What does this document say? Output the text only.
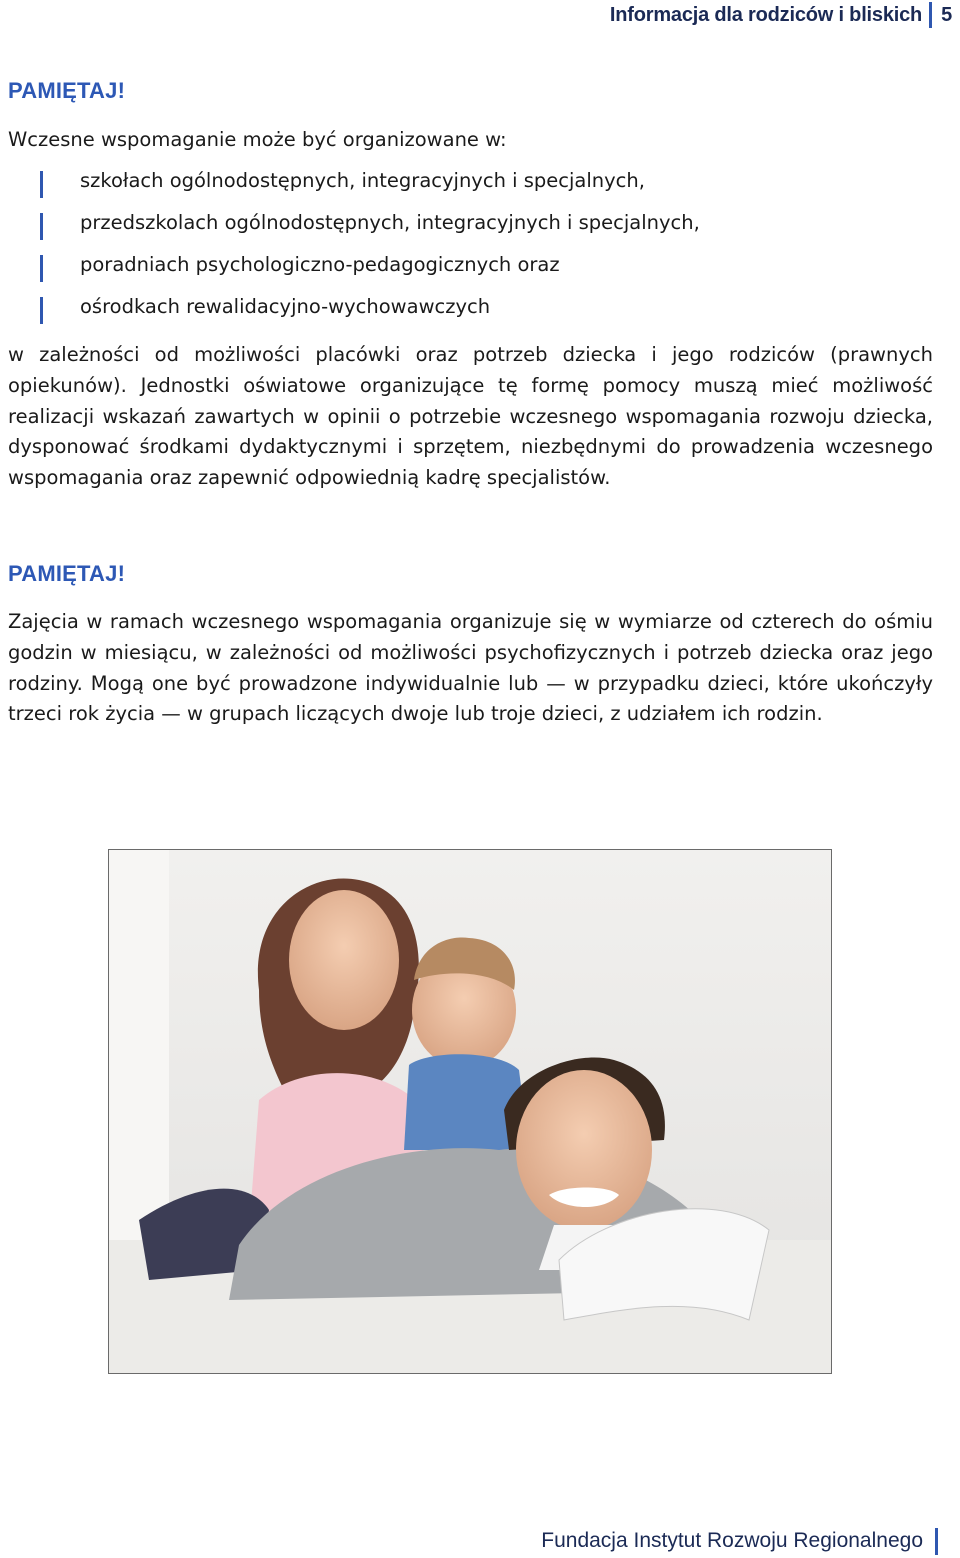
Informacja dla rodziców i bliskich 5
PAMIĘTAJ!
Wczesne wspomaganie może być organizowane w:
szkołach ogólnodostępnych, integracyjnych i specjalnych,
przedszkolach ogólnodostępnych, integracyjnych i specjalnych,
poradniach psychologiczno-pedagogicznych oraz
ośrodkach rewalidacyjno-wychowawczych

w zależności od możliwości placówki oraz potrzeb dziecka i jego rodziców (prawnych opiekunów). Jednostki oświatowe organizujące tę formę pomocy muszą mieć możliwość realizacji wskazań zawartych w opinii o potrzebie wczesnego wspomagania rozwoju dziecka, dysponować środkami dydaktycznymi i sprzętem, niezbędnymi do prowadzenia wczesnego wspomagania oraz zapewnić odpowiednią kadrę specjalistów.

PAMIĘTAJ!

Zajęcia w ramach wczesnego wspomagania organizuje się w wymiarze od czterech do ośmiu godzin w miesiącu, w zależności od możliwości psychofizycznych i potrzeb dziecka oraz jego rodziny. Mogą one być prowadzone indywidualnie lub — w przypadku dzieci, które ukończyły trzeci rok życia — w grupach liczących dwoje lub troje dzieci, z udziałem ich rodzin.

Fundacja Instytut Rozwoju Regionalnego
